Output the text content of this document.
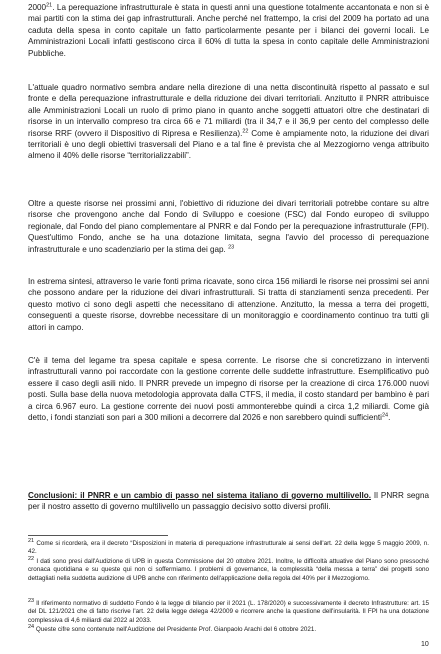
2000$^{21}$. La perequazione infrastrutturale è stata in questi anni una questione totalmente accantonata e non si è mai partiti con la stima dei gap infrastrutturali. Anche perché nel frattempo, la crisi del 2009 ha portato ad una caduta della spesa in conto capitale un fatto particolarmente pesante per i bilanci dei governi locali. Le Amministrazioni Locali infatti gestiscono circa il 60% di tutta la spesa in conto capitale delle Amministrazioni Pubbliche.

L'attuale quadro normativo sembra andare nella direzione di una netta discontinuità rispetto al passato e sul fronte e della perequazione infrastrutturale e della riduzione dei divari territoriali. Anzitutto il PNRR attribuisce alle Amministrazioni Locali un ruolo di primo piano in quanto anche soggetti attuatori oltre che destinatari di risorse in un intervallo compreso tra circa 66 e 71 miliardi (tra il 34,7 e il 36,9 per cento del complesso delle risorse RRF (ovvero il Dispositivo di Ripresa e Resilienza).$^{22}$ Come è ampiamente noto, la riduzione dei divari territoriali è uno degli obiettivi trasversali del Piano e a tal fine è prevista che al Mezzogiorno venga attribuito almeno il 40% delle risorse “territorializzabili”.

Oltre a queste risorse nei prossimi anni, l'obiettivo di riduzione dei divari territoriali potrebbe contare su altre risorse che provengono anche dal Fondo di Sviluppo e coesione (FSC) dal Fondo europeo di sviluppo regionale, dal Fondo del piano complementare al PNRR e dal Fondo per la perequazione infrastrutturale (FPI). Quest'ultimo Fondo, anche se ha una dotazione limitata, segna l'avvio del processo di perequazione infrastrutturale e uno scadenziario per la stima dei gap. $^{23}$

In estrema sintesi, attraverso le varie fonti prima ricavate, sono circa 156 miliardi le risorse nei prossimi sei anni che possono andare per la riduzione dei divari infrastrutturali. Si tratta di stanziamenti senza precedenti. Per questo motivo ci sono degli aspetti che necessitano di attenzione. Anzitutto, la messa a terra dei progetti, conseguenti a queste risorse, dovrebbe necessitare di un monitoraggio e coordinamento continuo tra tutti gli attori in campo.

C'è il tema del legame tra spesa capitale e spesa corrente. Le risorse che si concretizzano in interventi infrastrutturali vanno poi raccordate con la gestione corrente delle suddette infrastrutture. Esemplificativo può essere il caso degli asili nido. Il PNRR prevede un impegno di risorse per la creazione di circa 176.000 nuovi posti. Sulla base della nuova metodologia approvata dalla CTFS, il media, il costo standard per bambino è pari a circa 6.967 euro. La gestione corrente dei nuovi posti ammonterebbe quindi a circa 1,2 miliardi. Come già detto, i fondi stanziati son pari a 300 milioni a decorrere dal 2026 e non sarebbero quindi sufficienti$^{24}$.

Conclusioni: il PNRR e un cambio di passo nel sistema italiano di governo multilivello. Il PNRR segna per il nostro assetto di governo multilivello un passaggio decisivo sotto diversi profili.

$^{21}$ Come si ricorderà, era il decreto “Disposizioni in materia di perequazione infrastrutturale ai sensi dell'art. 22 della legge 5 maggio 2009, n. 42.

$^{22}$ I dati sono presi dall'Audizione di UPB in questa Commissione del 20 ottobre 2021. Inoltre, le difficoltà attuative del Piano sono pressoché cronaca quotidiana e su queste qui non ci soffermiamo. I problemi di governance, la complessità “della messa a terra” dei progetti sono dettagliati nella suddetta audizione di UPB anche con riferimento dell'applicazione della regola del 40% per il Mezzogiorno.

$^{23}$ Il riferimento normativo di suddetto Fondo è la legge di bilancio per il 2021 (L. 178/2020) e successivamente il decreto Infrastrutture: art. 15 del DL 121/2021 che di fatto riscrive l'art. 22 della legge delega 42/2009 e ricorrere anche la questione dell'insularità. Il FPI ha una dotazione complessiva di 4,6 miliardi dal 2022 al 2033.

$^{24}$ Queste cifre sono contenute nell'Audizione del Presidente Prof. Gianpaolo Arachi del 6 ottobre 2021.

10
